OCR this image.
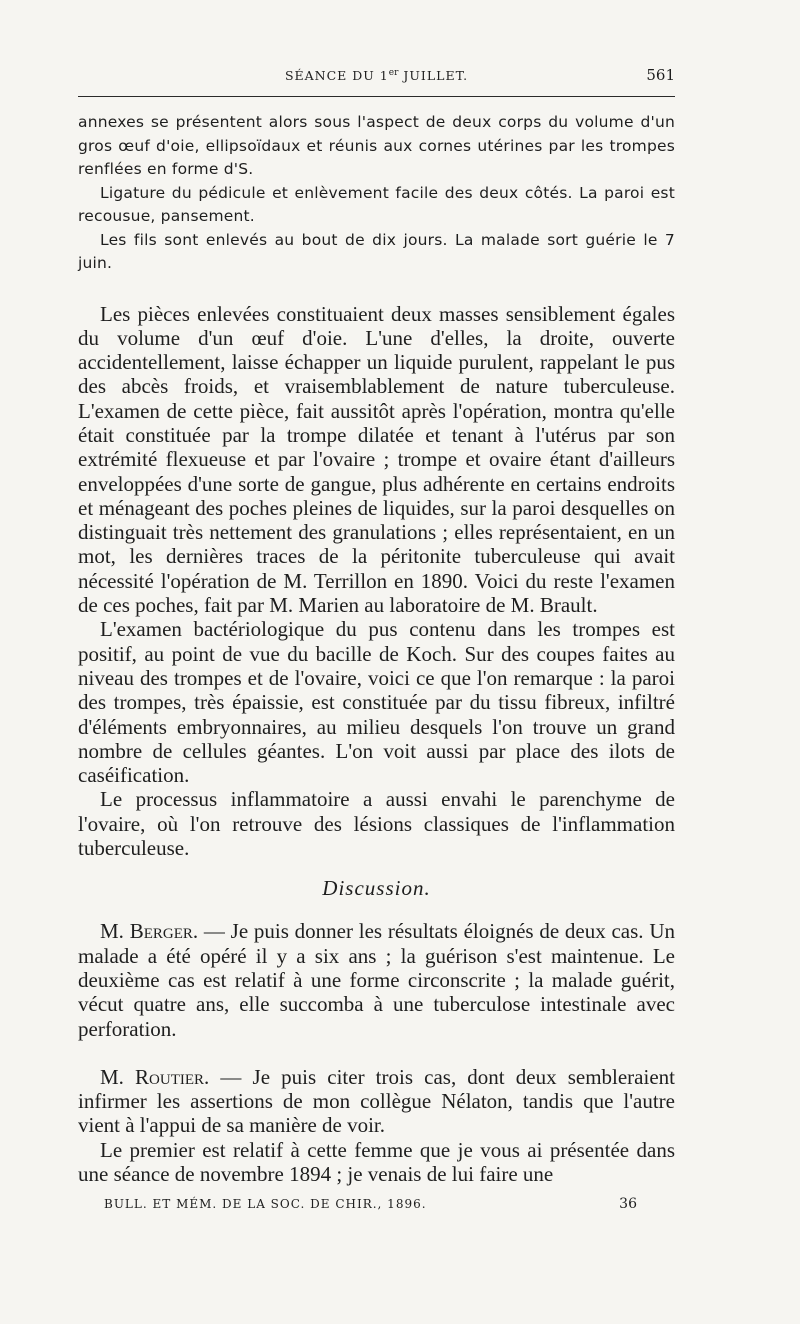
SÉANCE DU 1er JUILLET.	561

annexes se présentent alors sous l'aspect de deux corps du volume d'un gros œuf d'oie, ellipsoïdaux et réunis aux cornes utérines par les trompes renflées en forme d'S.

Ligature du pédicule et enlèvement facile des deux côtés. La paroi est recousue, pansement.

Les fils sont enlevés au bout de dix jours. La malade sort guérie le 7 juin.

Les pièces enlevées constituaient deux masses sensiblement égales du volume d'un œuf d'oie. L'une d'elles, la droite, ouverte accidentellement, laisse échapper un liquide purulent, rappelant le pus des abcès froids, et vraisemblablement de nature tuberculeuse. L'examen de cette pièce, fait aussitôt après l'opération, montra qu'elle était constituée par la trompe dilatée et tenant à l'utérus par son extrémité flexueuse et par l'ovaire ; trompe et ovaire étant d'ailleurs enveloppées d'une sorte de gangue, plus adhérente en certains endroits et ménageant des poches pleines de liquides, sur la paroi desquelles on distinguait très nettement des granulations ; elles représentaient, en un mot, les dernières traces de la péritonite tuberculeuse qui avait nécessité l'opération de M. Terrillon en 1890. Voici du reste l'examen de ces poches, fait par M. Marien au laboratoire de M. Brault.

L'examen bactériologique du pus contenu dans les trompes est positif, au point de vue du bacille de Koch. Sur des coupes faites au niveau des trompes et de l'ovaire, voici ce que l'on remarque : la paroi des trompes, très épaissie, est constituée par du tissu fibreux, infiltré d'éléments embryonnaires, au milieu desquels l'on trouve un grand nombre de cellules géantes. L'on voit aussi par place des ilots de caséification.

Le processus inflammatoire a aussi envahi le parenchyme de l'ovaire, où l'on retrouve des lésions classiques de l'inflammation tuberculeuse.

Discussion.

M. Berger. — Je puis donner les résultats éloignés de deux cas. Un malade a été opéré il y a six ans ; la guérison s'est maintenue. Le deuxième cas est relatif à une forme circonscrite ; la malade guérit, vécut quatre ans, elle succomba à une tuberculose intestinale avec perforation.

M. Routier. — Je puis citer trois cas, dont deux sembleraient infirmer les assertions de mon collègue Nélaton, tandis que l'autre vient à l'appui de sa manière de voir.

Le premier est relatif à cette femme que je vous ai présentée dans une séance de novembre 1894 ; je venais de lui faire une

BULL. ET MÉM. DE LA SOC. DE CHIR., 1896.	36
